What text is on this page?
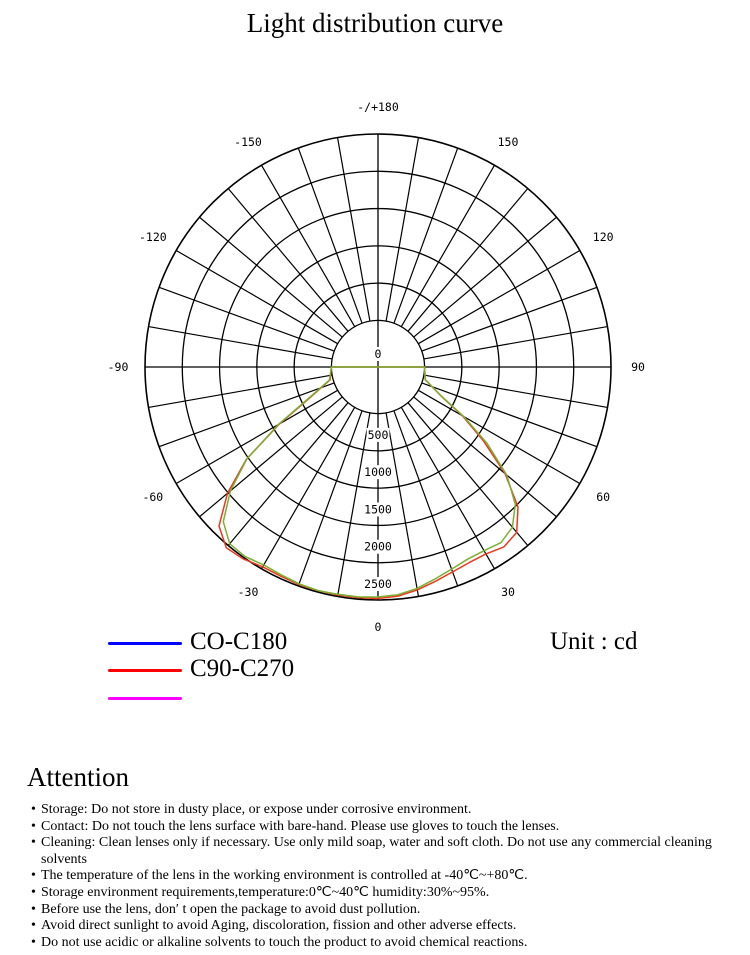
Light distribution curve
0
500
1000
1500
2000
2500
-/+180
150
-150
120
-120
90
-90
60
-60
30
-30
0
CO-C180
C90-C270
Unit : cd
Attention
• Storage: Do not store in dusty place, or expose under corrosive environment.
• Contact: Do not touch the lens surface with bare-hand. Please use gloves to touch the lenses.
• Cleaning: Clean lenses only if necessary. Use only mild soap, water and soft cloth. Do not use any commercial cleaning solvents
• The temperature of the lens in the working environment is controlled at -40℃~+80℃.
• Storage environment requirements,temperature:0℃~40℃ humidity:30%~95%.
• Before use the lens, don′ t open the package to avoid dust pollution.
• Avoid direct sunlight to avoid Aging, discoloration, fission and other adverse effects.
• Do not use acidic or alkaline solvents to touch the product to avoid chemical reactions.
